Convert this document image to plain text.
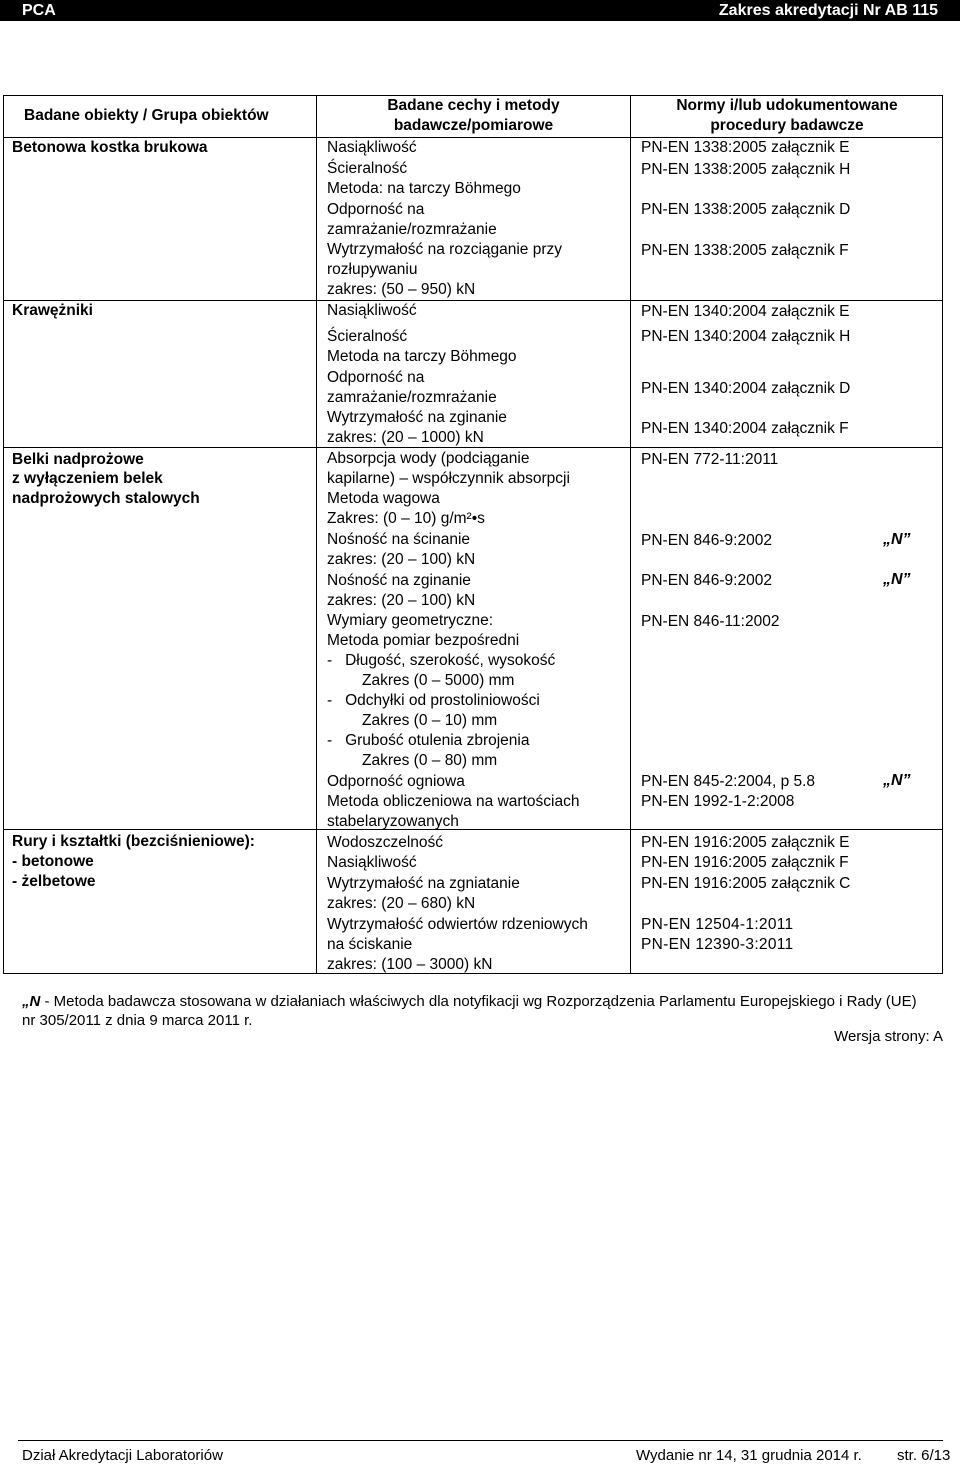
PCA	Zakres akredytacji Nr AB 115
Badane obiekty / Grupa obiektów
Badane cechy i metody
badawcze/pomiarowe
Normy i/lub udokumentowane
procedury badawcze
Betonowa kostka brukowa
Krawężniki
Belki nadprożowe
z wyłączeniem belek
nadprożowych stalowych
Rury i kształtki (bezciśnieniowe):
- betonowe
- żelbetowe
Nasiąkliwość
Ścieralność
Metoda: na tarczy Böhmego
Odporność na
zamrażanie/rozmrażanie
Wytrzymałość na rozciąganie przy
rozłupywaniu
zakres: (50 – 950) kN
Nasiąkliwość
Ścieralność
Metoda na tarczy Böhmego
Odporność na
zamrażanie/rozmrażanie
Wytrzymałość na zginanie
zakres: (20 – 1000) kN
Absorpcja wody (podciąganie
kapilarne) – współczynnik absorpcji
Metoda wagowa
Zakres: (0 – 10) g/m²•s
Nośność na ścinanie
zakres: (20 – 100) kN
Nośność na zginanie
zakres: (20 – 100) kN
Wymiary geometryczne:
Metoda pomiar bezpośredni
-   Długość, szerokość, wysokość
Zakres (0 – 5000) mm
-   Odchyłki od prostoliniowości
Zakres (0 – 10) mm
-   Grubość otulenia zbrojenia
Zakres (0 – 80) mm
Odporność ogniowa
Metoda obliczeniowa na wartościach
stabelaryzowanych
Wodoszczelność
Nasiąkliwość
Wytrzymałość na zgniatanie
zakres: (20 – 680) kN
Wytrzymałość odwiertów rdzeniowych
na ściskanie
zakres: (100 – 3000) kN
PN-EN 1338:2005 załącznik E
PN-EN 1338:2005 załącznik H
PN-EN 1338:2005 załącznik D
PN-EN 1338:2005 załącznik F
PN-EN 1340:2004 załącznik E
PN-EN 1340:2004 załącznik H
PN-EN 1340:2004 załącznik D
PN-EN 1340:2004 załącznik F
PN-EN 772-11:2011
PN-EN 846-9:2002
PN-EN 846-9:2002
PN-EN 846-11:2002
PN-EN 845-2:2004, p 5.8
PN-EN 1992-1-2:2008
PN-EN 1916:2005 załącznik E
PN-EN 1916:2005 załącznik F
PN-EN 1916:2005 załącznik C
PN-EN 12504-1:2011
PN-EN 12390-3:2011
„N”
„N”
„N”
„N - Metoda badawcza stosowana w działaniach właściwych dla notyfikacji wg Rozporządzenia Parlamentu Europejskiego i Rady (UE)
nr 305/2011 z dnia 9 marca 2011 r.
Wersja strony: A
Dział Akredytacji Laboratoriów	Wydanie nr 14, 31 grudnia 2014 r. str. 6/13
